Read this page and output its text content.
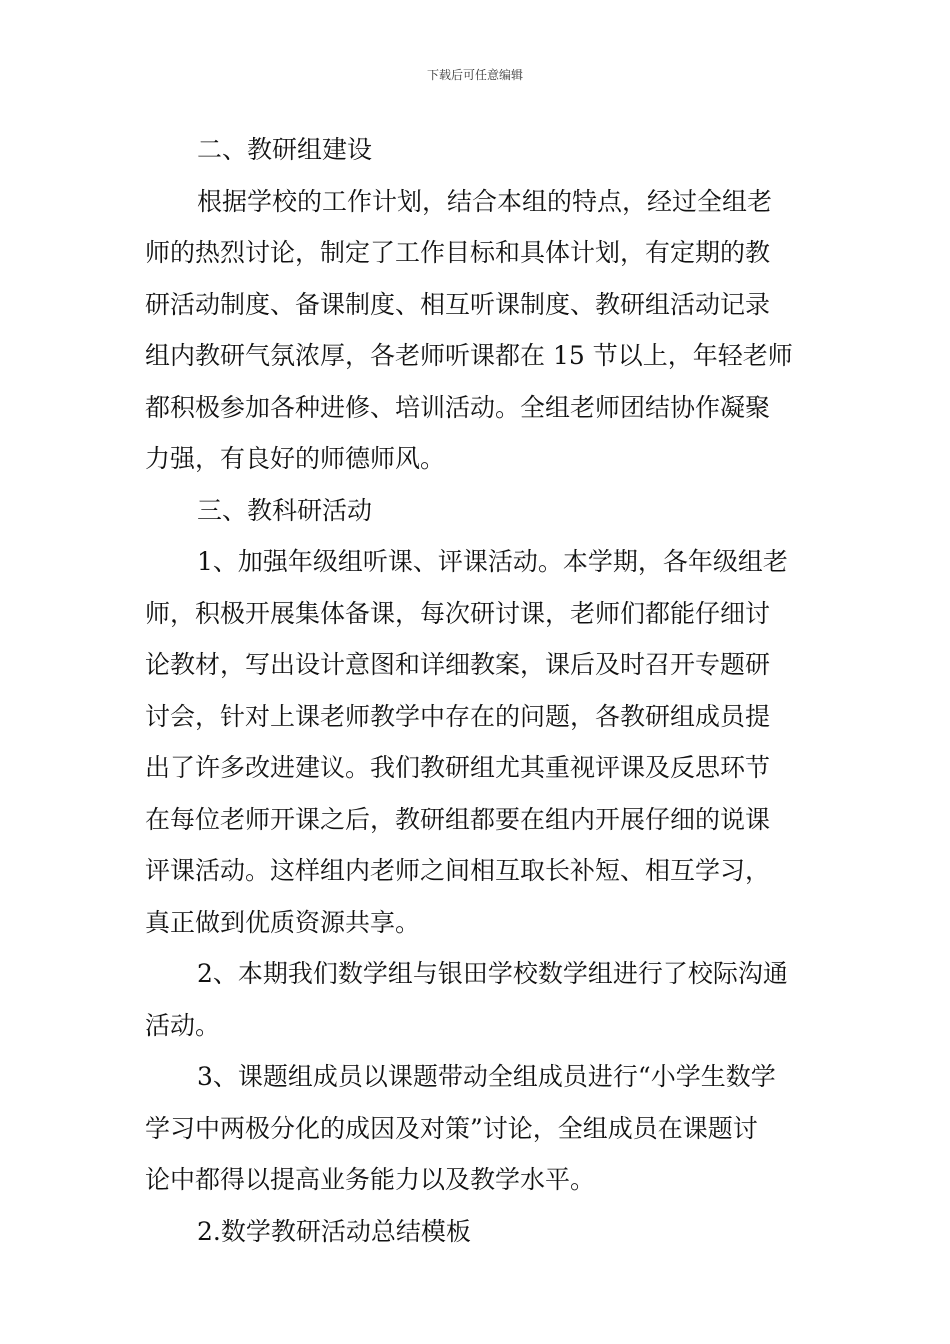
下载后可任意编辑
二、教研组建设
根据学校的工作计划，结合本组的特点，经过全组老
师的热烈讨论，制定了工作目标和具体计划，有定期的教
研活动制度、备课制度、相互听课制度、教研组活动记录
组内教研气氛浓厚，各老师听课都在 15 节以上，年轻老师
都积极参加各种进修、培训活动。全组老师团结协作凝聚
力强，有良好的师德师风。
三、教科研活动
1、加强年级组听课、评课活动。本学期，各年级组老
师，积极开展集体备课，每次研讨课，老师们都能仔细讨
论教材，写出设计意图和详细教案，课后及时召开专题研
讨会，针对上课老师教学中存在的问题，各教研组成员提
出了许多改进建议。我们教研组尤其重视评课及反思环节
在每位老师开课之后，教研组都要在组内开展仔细的说课
评课活动。这样组内老师之间相互取长补短、相互学习，
真正做到优质资源共享。
2、本期我们数学组与银田学校数学组进行了校际沟通
活动。
3、课题组成员以课题带动全组成员进行“小学生数学
学习中两极分化的成因及对策”讨论，全组成员在课题讨
论中都得以提高业务能力以及教学水平。
2.数学教研活动总结模板
